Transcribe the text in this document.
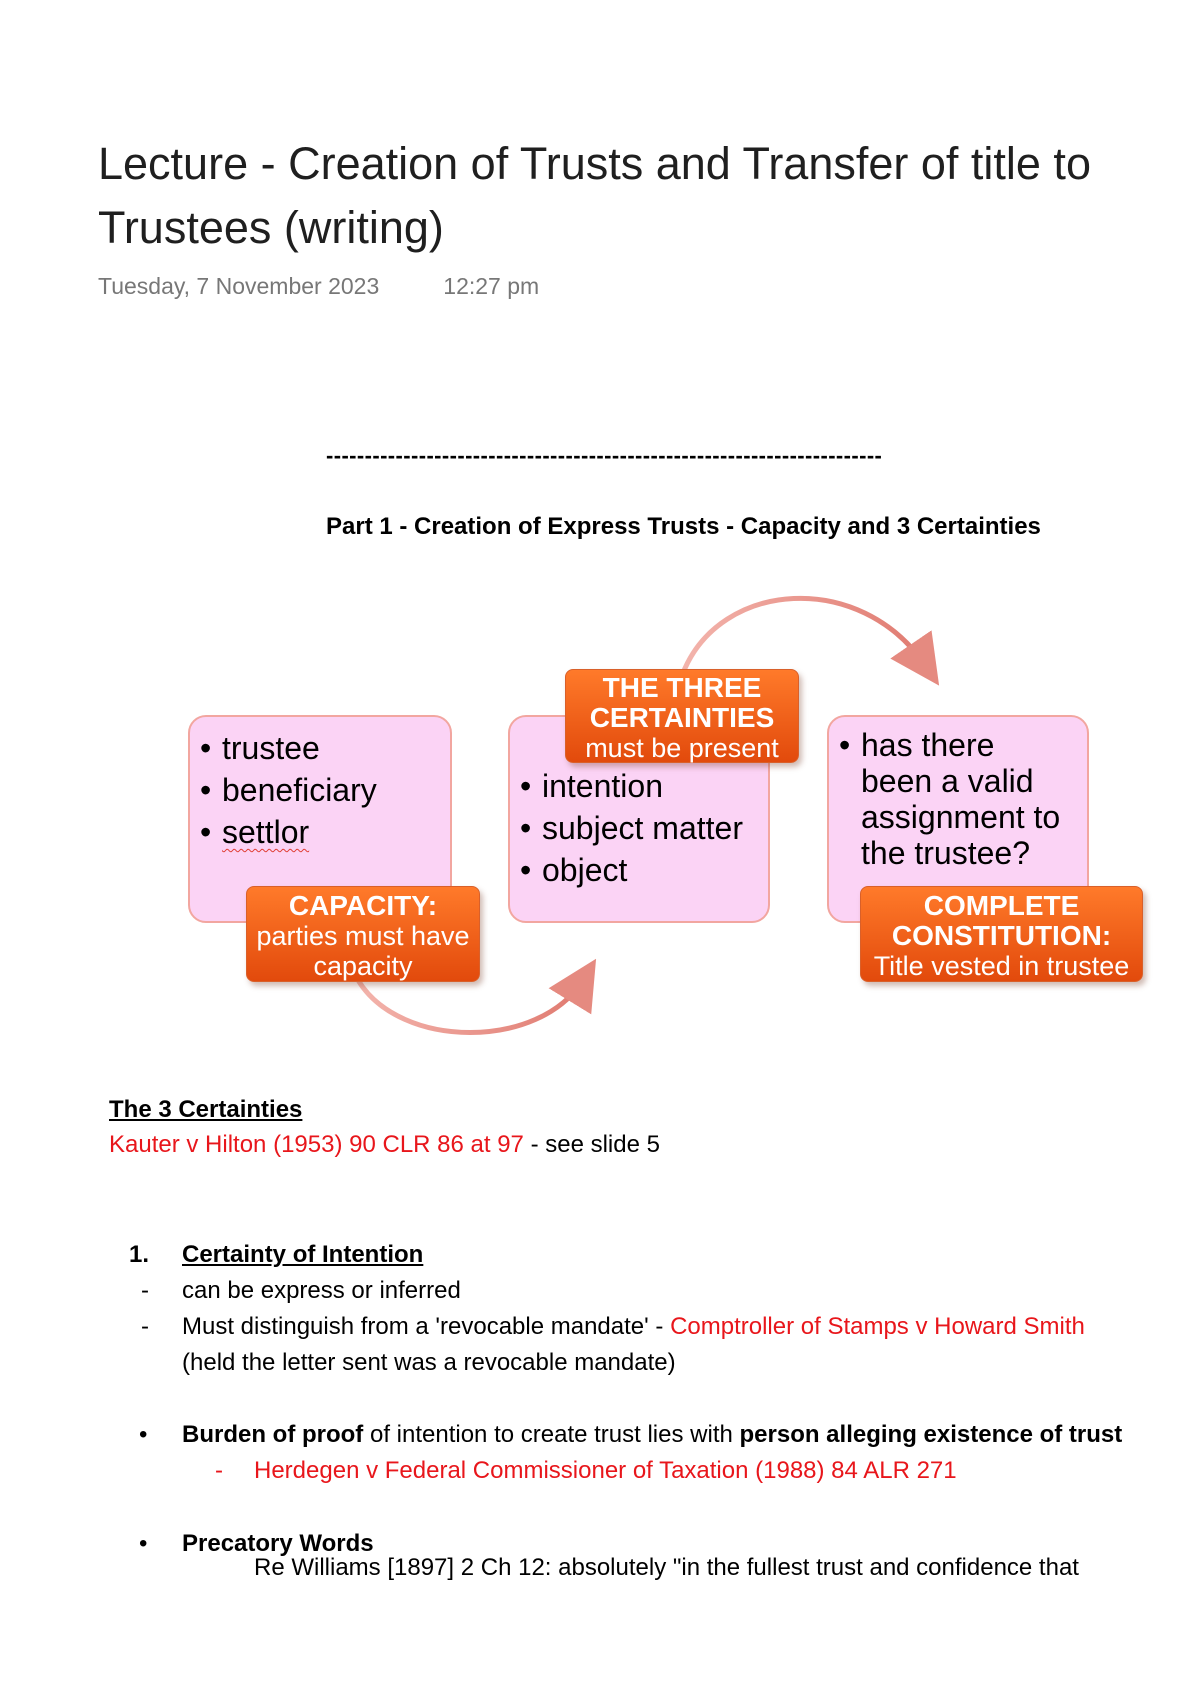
Lecture - Creation of Trusts and Transfer of title to
Trustees (writing)
Tuesday, 7 November 2023	12:27 pm
------------------------------------------------------------------------
Part 1 - Creation of Express Trusts - Capacity and 3 Certainties
• trustee
• beneficiary
• settlor
CAPACITY:
parties must have
capacity
• intention
• subject matter
• object
THE THREE
CERTAINTIES
must be present
•	has there
been a valid
assignment to
the trustee?
COMPLETE
CONSTITUTION:
Title vested in trustee
The 3 Certainties
Kauter v Hilton (1953) 90 CLR 86 at 97 - see slide 5
1. Certainty of Intention
- can be express or inferred
- Must distinguish from a 'revocable mandate' - Comptroller of Stamps v Howard Smith
(held the letter sent was a revocable mandate)
• Burden of proof of intention to create trust lies with person alleging existence of trust
- Herdegen v Federal Commissioner of Taxation (1988) 84 ALR 271
• Precatory Words
Re Williams [1897] 2 Ch 12: absolutely "in the fullest trust and confidence that
